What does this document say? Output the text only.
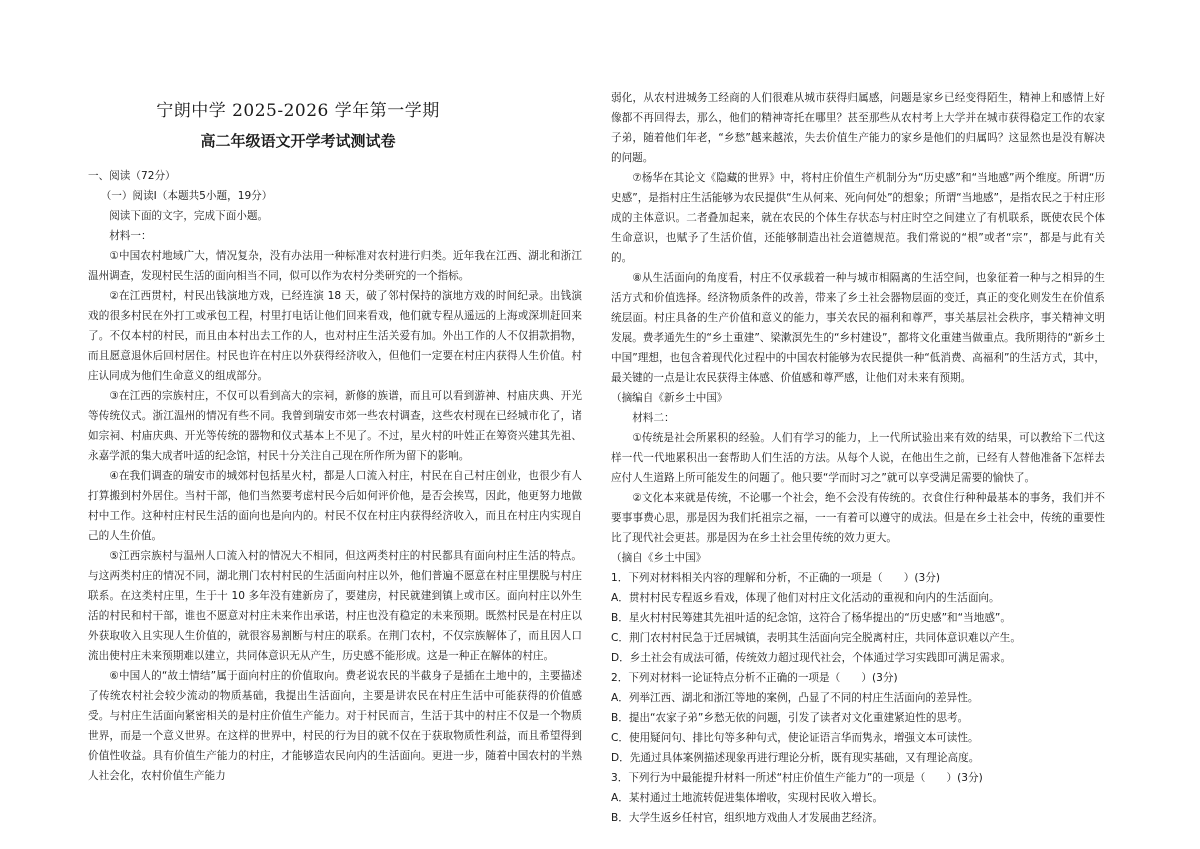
宁朗中学 2025-2026 学年第一学期
高二年级语文开学考试测试卷

一、阅读（72分）

（一）阅读Ⅰ（本题共5小题，19分）

阅读下面的文字，完成下面小题。

材料一：

①中国农村地域广大，情况复杂，没有办法用一种标准对农村进行归类。近年我在江西、湖北和浙江温州调查，发现村民生活的面向相当不同，似可以作为农村分类研究的一个指标。

②在江西贯村，村民出钱演地方戏，已经连演 18 天，破了邻村保持的演地方戏的时间纪录。出钱演戏的很多村民在外打工或承包工程，村里打电话让他们回来看戏，他们就专程从遥远的上海或深圳赶回来了。不仅本村的村民，而且由本村出去工作的人，也对村庄生活关爱有加。外出工作的人不仅捐款捐物，而且愿意退休后回村居住。村民也许在村庄以外获得经济收入，但他们一定要在村庄内获得人生价值。村庄认同成为他们生命意义的组成部分。

③在江西的宗族村庄，不仅可以看到高大的宗祠，新修的族谱，而且可以看到游神、村庙庆典、开光等传统仪式。浙江温州的情况有些不同。我曾到瑞安市郊一些农村调查，这些农村现在已经城市化了，诸如宗祠、村庙庆典、开光等传统的器物和仪式基本上不见了。不过，星火村的叶姓正在筹资兴建其先祖、永嘉学派的集大成者叶适的纪念馆，村民十分关注自己现在所作所为留下的影响。

④在我们调查的瑞安市的城郊村包括星火村，都是人口流入村庄，村民在自己村庄创业，也很少有人打算搬到村外居住。当村干部，他们当然要考虑村民今后如何评价他，是否会挨骂，因此，他更努力地做村中工作。这种村庄村民生活的面向也是向内的。村民不仅在村庄内获得经济收入，而且在村庄内实现自己的人生价值。

⑤江西宗族村与温州人口流入村的情况大不相同，但这两类村庄的村民都具有面向村庄生活的特点。与这两类村庄的情况不同，湖北荆门农村村民的生活面向村庄以外，他们普遍不愿意在村庄里摆脱与村庄联系。在这类村庄里，生于十 10 多年没有建新房了，要建房，村民就建到镇上或市区。面向村庄以外生活的村民和村干部，谁也不愿意对村庄未来作出承诺，村庄也没有稳定的未来预期。既然村民是在村庄以外获取收入且实现人生价值的，就很容易割断与村庄的联系。在荆门农村，不仅宗族解体了，而且因人口流出使村庄未来预期难以建立，共同体意识无从产生，历史感不能形成。这是一种正在解体的村庄。

⑥中国人的“故土情结”属于面向村庄的价值取向。费老说农民的半截身子是插在土地中的，主要描述了传统农村社会较少流动的物质基础，我提出生活面向，主要是讲农民在村庄生活中可能获得的价值感受。与村庄生活面向紧密相关的是村庄价值生产能力。对于村民而言，生活于其中的村庄不仅是一个物质世界，而是一个意义世界。在这样的世界中，村民的行为目的就不仅在于获取物质性利益，而且希望得到价值性收益。具有价值生产能力的村庄，才能够造农民向内的生活面向。更进一步，随着中国农村的半熟人社会化，农村价值生产能力

弱化，从农村进城务工经商的人们很难从城市获得归属感，问题是家乡已经变得陌生，精神上和感情上好像都不再回得去，那么，他们的精神寄托在哪里？甚至那些从农村考上大学并在城市获得稳定工作的农家子弟，随着他们年老，“乡愁”越来越浓，失去价值生产能力的家乡是他们的归属吗？这显然也是没有解决的问题。

⑦杨华在其论文《隐藏的世界》中，将村庄价值生产机制分为“历史感”和“当地感”两个维度。所谓“历史感”，是指村庄生活能够为农民提供“生从何来、死向何处”的想象；所谓“当地感”，是指农民之于村庄形成的主体意识。二者叠加起来，就在农民的个体生存状态与村庄时空之间建立了有机联系，既使农民个体生命意识，也赋予了生活价值，还能够制造出社会道德规范。我们常说的“根”或者“宗”，都是与此有关的。

⑧从生活面向的角度看，村庄不仅承载着一种与城市相隔离的生活空间，也象征着一种与之相异的生活方式和价值选择。经济物质条件的改善，带来了乡土社会器物层面的变迁，真正的变化则发生在价值系统层面。村庄具备的生产价值和意义的能力，事关农民的福利和尊严，事关基层社会秩序，事关精神文明发展。费孝通先生的“乡土重建”、梁漱溟先生的“乡村建设”，都将文化重建当做重点。我所期待的“新乡土中国”理想，也包含着现代化过程中的中国农村能够为农民提供一种“低消费、高福利”的生活方式，其中，最关键的一点是让农民获得主体感、价值感和尊严感，让他们对未来有预期。

（摘编自《新乡土中国》

材料二：

①传统是社会所累积的经验。人们有学习的能力，上一代所试验出来有效的结果，可以教给下二代这样一代一代地累积出一套帮助人们生活的方法。从每个人说，在他出生之前，已经有人替他准备下怎样去应付人生道路上所可能发生的问题了。他只要“学而时习之”就可以享受满足需要的愉快了。

②文化本来就是传统，不论哪一个社会，绝不会没有传统的。衣食住行种种最基本的事务，我们并不要事事费心思，那是因为我们托祖宗之福，一一有着可以遵守的成法。但是在乡土社会中，传统的重要性比了现代社会更甚。那是因为在乡土社会里传统的效力更大。

（摘自《乡土中国》

1．下列对材料相关内容的理解和分析，不正确的一项是（　　）(3分)

A．贯村村民专程返乡看戏，体现了他们对村庄文化活动的重视和向内的生活面向。

B．星火村村民筹建其先祖叶适的纪念馆，这符合了杨华提出的“历史感”和“当地感”。

C．荆门农村村民急于迁居城镇，表明其生活面向完全脱离村庄，共同体意识难以产生。

D．乡土社会有成法可循，传统效力超过现代社会，个体通过学习实践即可满足需求。

2．下列对材料一论证特点分析不正确的一项是（　　）(3分)

A．列举江西、湖北和浙江等地的案例，凸显了不同的村庄生活面向的差异性。

B．提出“农家子弟”乡愁无依的问题，引发了读者对文化重建紧迫性的思考。

C．使用疑问句、排比句等多种句式，使论证语言华而隽永，增强文本可读性。

D．先通过具体案例描述现象再进行理论分析，既有现实基础，又有理论高度。

3．下列行为中最能提升材料一所述“村庄价值生产能力”的一项是（　　）(3分)

A．某村通过土地流转促进集体增收，实现村民收入增长。

B．大学生返乡任村官，组织地方戏曲人才发展曲艺经济。
